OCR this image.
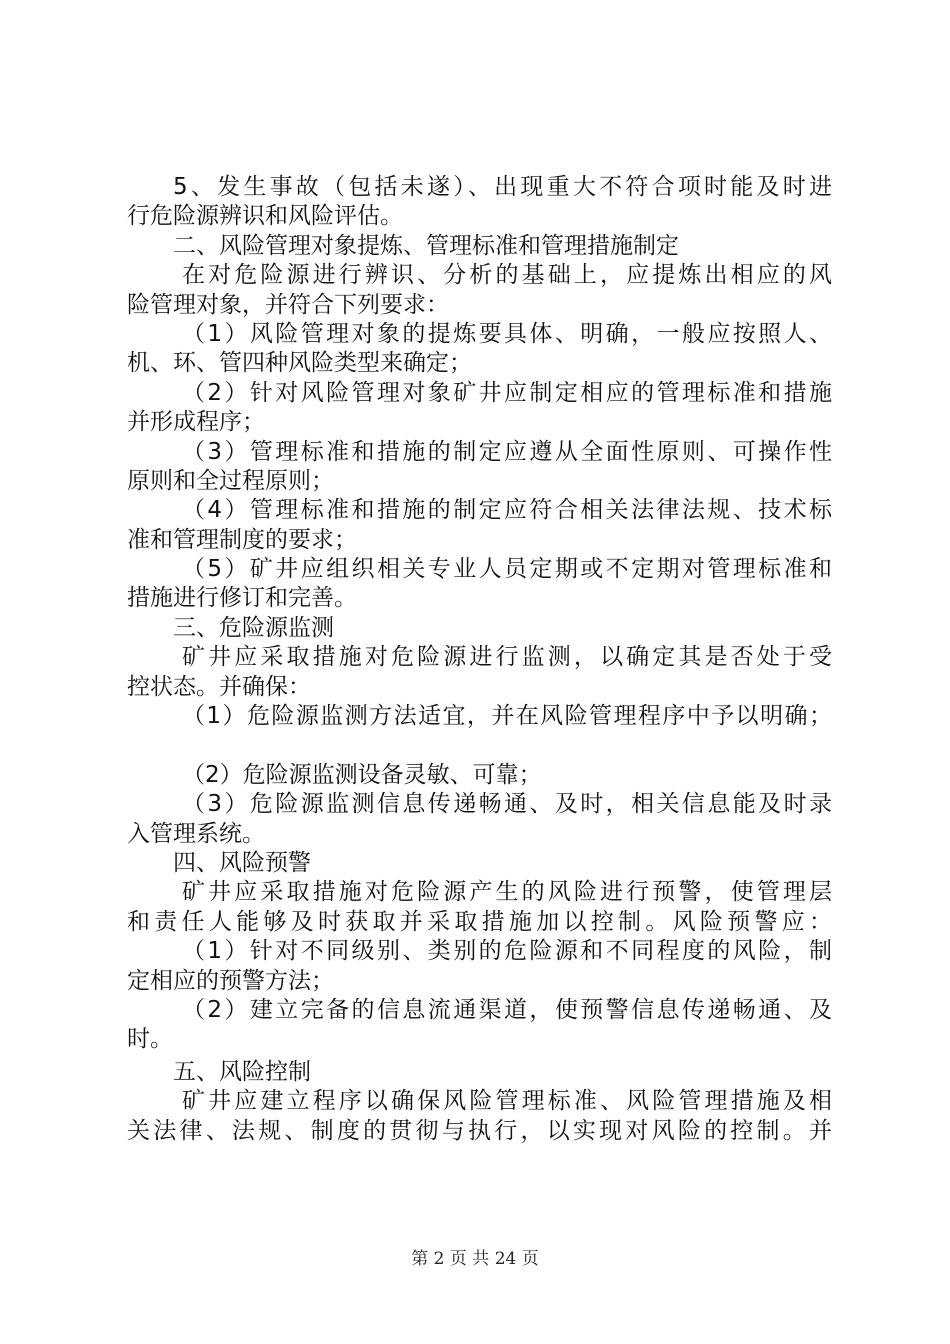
5、发生事故（包括未遂）、出现重大不符合项时能及时进
行危险源辨识和风险评估。
二、风险管理对象提炼、管理标准和管理措施制定
在对危险源进行辨识、分析的基础上，应提炼出相应的风
险管理对象，并符合下列要求：
（1）风险管理对象的提炼要具体、明确，一般应按照人、
机、环、管四种风险类型来确定；
（2）针对风险管理对象矿井应制定相应的管理标准和措施
并形成程序；
（3）管理标准和措施的制定应遵从全面性原则、可操作性
原则和全过程原则；
（4）管理标准和措施的制定应符合相关法律法规、技术标
准和管理制度的要求；
（5）矿井应组织相关专业人员定期或不定期对管理标准和
措施进行修订和完善。
三、危险源监测
矿井应采取措施对危险源进行监测，以确定其是否处于受
控状态。并确保：
（1）危险源监测方法适宜，并在风险管理程序中予以明确；
（2）危险源监测设备灵敏、可靠；
（3）危险源监测信息传递畅通、及时，相关信息能及时录
入管理系统。
四、风险预警
矿井应采取措施对危险源产生的风险进行预警，使管理层
和责任人能够及时获取并采取措施加以控制。风险预警应：
（1）针对不同级别、类别的危险源和不同程度的风险，制
定相应的预警方法；
（2）建立完备的信息流通渠道，使预警信息传递畅通、及
时。
五、风险控制
矿井应建立程序以确保风险管理标准、风险管理措施及相
关法律、法规、制度的贯彻与执行，以实现对风险的控制。并
第 2 页 共 24 页
